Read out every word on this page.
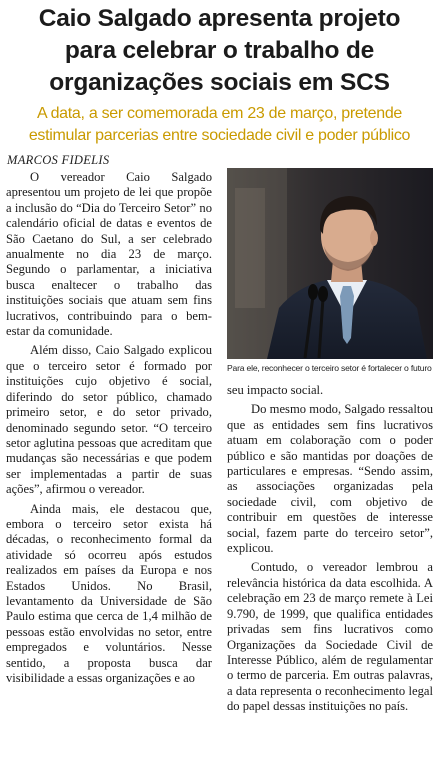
Caio Salgado apresenta projeto
para celebrar o trabalho de
organizações sociais em SCS
A data, a ser comemorada em 23 de março, pretende
estimular parcerias entre sociedade civil e poder público
MARCOS FIDELIS

O vereador Caio Salgado apresentou um projeto de lei que propõe a inclusão do “Dia do Terceiro Setor” no calendário oficial de datas e eventos de São Caetano do Sul, a ser celebrado anualmente no dia 23 de março. Segundo o parlamentar, a iniciativa busca enaltecer o trabalho das instituições sociais que atuam sem fins lucrativos, contribuindo para o bem-estar da comunidade.

Além disso, Caio Salgado explicou que o terceiro setor é formado por instituições cujo objetivo é social, diferindo do setor público, chamado primeiro setor, e do setor privado, denominado segundo setor. “O terceiro setor aglutina pessoas que acreditam que mudanças são necessárias e que podem ser implementadas a partir de suas ações”, afirmou o vereador.

Ainda mais, ele destacou que, embora o terceiro setor exista há décadas, o reconhecimento formal da atividade só ocorreu após estudos realizados em países da Europa e nos Estados Unidos. No Brasil, levantamento da Universidade de São Paulo estima que cerca de 1,4 milhão de pessoas estão envolvidas no setor, entre empregados e voluntários. Nesse sentido, a proposta busca dar visibilidade a essas organizações e ao

Para ele, reconhecer o terceiro setor é fortalecer o futuro

seu impacto social.

Do mesmo modo, Salgado ressaltou que as entidades sem fins lucrativos atuam em colaboração com o poder público e são mantidas por doações de particulares e empresas. “Sendo assim, as associações organizadas pela sociedade civil, com objetivo de contribuir em questões de interesse social, fazem parte do terceiro setor”, explicou.

Contudo, o vereador lembrou a relevância histórica da data escolhida. A celebração em 23 de março remete à Lei 9.790, de 1999, que qualifica entidades privadas sem fins lucrativos como Organizações da Sociedade Civil de Interesse Público, além de regulamentar o termo de parceria. Em outras palavras, a data representa o reconhecimento legal do papel dessas instituições no país.
